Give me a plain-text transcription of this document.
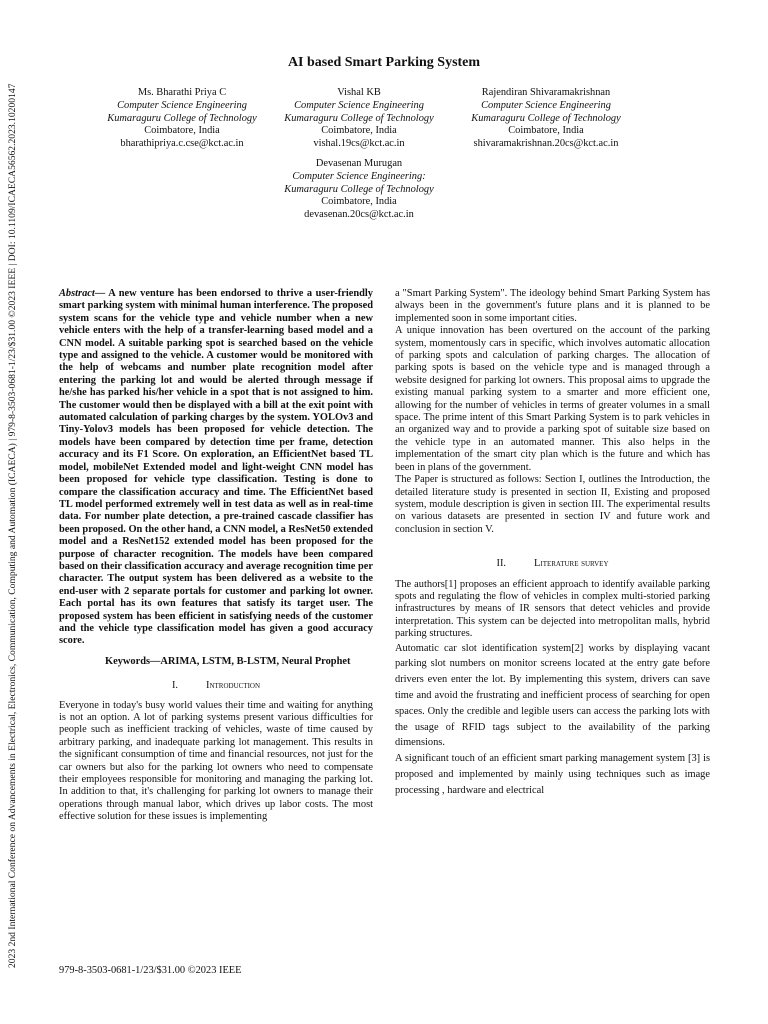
2023 2nd International Conference on Advancements in Electrical, Electronics, Communication, Computing and Automation (ICAECA) | 979-8-3503-0681-1/23/$31.00 ©2023 IEEE | DOI: 10.1109/ICAECA56562.2023.10200147
AI based Smart Parking System
Ms. Bharathi Priya C
Computer Science Engineering
Kumaraguru College of Technology
Coimbatore, India
bharathipriya.c.cse@kct.ac.in
Vishal KB
Computer Science Engineering
Kumaraguru College of Technology
Coimbatore, India
vishal.19cs@kct.ac.in
Rajendiran Shivaramakrishnan
Computer Science Engineering
Kumaraguru College of Technology
Coimbatore, India
shivaramakrishnan.20cs@kct.ac.in
Devasenan Murugan
Computer Science Engineering:
Kumaraguru College of Technology
Coimbatore, India
devasenan.20cs@kct.ac.in

Abstract— A new venture has been endorsed to thrive a user-friendly smart parking system with minimal human interference. The proposed system scans for the vehicle type and vehicle number when a new vehicle enters with the help of a transfer-learning based model and a CNN model. A suitable parking spot is searched based on the vehicle type and assigned to the vehicle. A customer would be monitored with the help of webcams and number plate recognition model after entering the parking lot and would be alerted through message if he/she has parked his/her vehicle in a spot that is not assigned to him. The customer would then be displayed with a bill at the exit point with automated calculation of parking charges by the system. YOLOv3 and Tiny-Yolov3 models has been proposed for vehicle detection. The models have been compared by detection time per frame, detection accuracy and its F1 Score. On exploration, an EfficientNet based TL model, mobileNet Extended model and light-weight CNN model has been proposed for vehicle type classification. Testing is done to compare the classification accuracy and time. The EfficientNet based TL model performed extremely well in test data as well as in real-time data. For number plate detection, a pre-trained cascade classifier has been proposed. On the other hand, a CNN model, a ResNet50 extended model and a ResNet152 extended model has been proposed for the purpose of character recognition. The models have been compared based on their classification accuracy and average recognition time per character. The output system has been delivered as a website to the end-user with 2 separate portals for customer and parking lot owner. Each portal has its own features that satisfy its target user. The proposed system has been efficient in satisfying needs of the customer and the vehicle type classification model has given a good accuracy score.

Keywords—ARIMA, LSTM, B-LSTM, Neural Prophet

I.	Introduction

Everyone in today's busy world values their time and waiting for anything is not an option. A lot of parking systems present various difficulties for people such as inefficient tracking of vehicles, waste of time caused by arbitrary parking, and inadequate parking lot management. This results in the significant consumption of time and financial resources, not just for the car owners but also for the parking lot owners who need to compensate their employees responsible for monitoring and managing the parking lot. In addition to that, it's challenging for parking lot owners to manage their operations through manual labor, which drives up labor costs. The most effective solution for these issues is implementing

a "Smart Parking System". The ideology behind Smart Parking System has always been in the government's future plans and it is planned to be implemented soon in some important cities.

A unique innovation has been overtured on the account of the parking system, momentously cars in specific, which involves automatic allocation of parking spots and calculation of parking charges. The allocation of parking spots is based on the vehicle type and is managed through a website designed for parking lot owners. This proposal aims to upgrade the existing manual parking system to a smarter and more efficient one, allowing for the number of vehicles in terms of greater volumes in a small space. The prime intent of this Smart Parking System is to park vehicles in an organized way and to provide a parking spot of suitable size based on the vehicle type in an automated manner. This also helps in the implementation of the smart city plan which is the future and which has been in plans of the government.

The Paper is structured as follows: Section I, outlines the Introduction, the detailed literature study is presented in section II, Existing and proposed system, module description is given in section III. The experimental results on various datasets are presented in section IV and future work and conclusion in section V.

II.	Literature survey

The authors[1] proposes an efficient approach to identify available parking spots and regulating the flow of vehicles in complex multi-storied parking infrastructures by means of IR sensors that detect vehicles and provide interpretation. This system can be dejected into metropolitan malls, hybrid parking structures.

Automatic car slot identification system[2] works by displaying vacant parking slot numbers on monitor screens located at the entry gate before drivers even enter the lot. By implementing this system, drivers can save time and avoid the frustrating and inefficient process of searching for open spaces. Only the credible and legible users can access the parking lots with the usage of RFID tags subject to the availability of the parking dimensions.

A significant touch of an efficient smart parking management system [3] is proposed and implemented by mainly using techniques such as image processing , hardware and electrical

979-8-3503-0681-1/23/$31.00 ©2023 IEEE
